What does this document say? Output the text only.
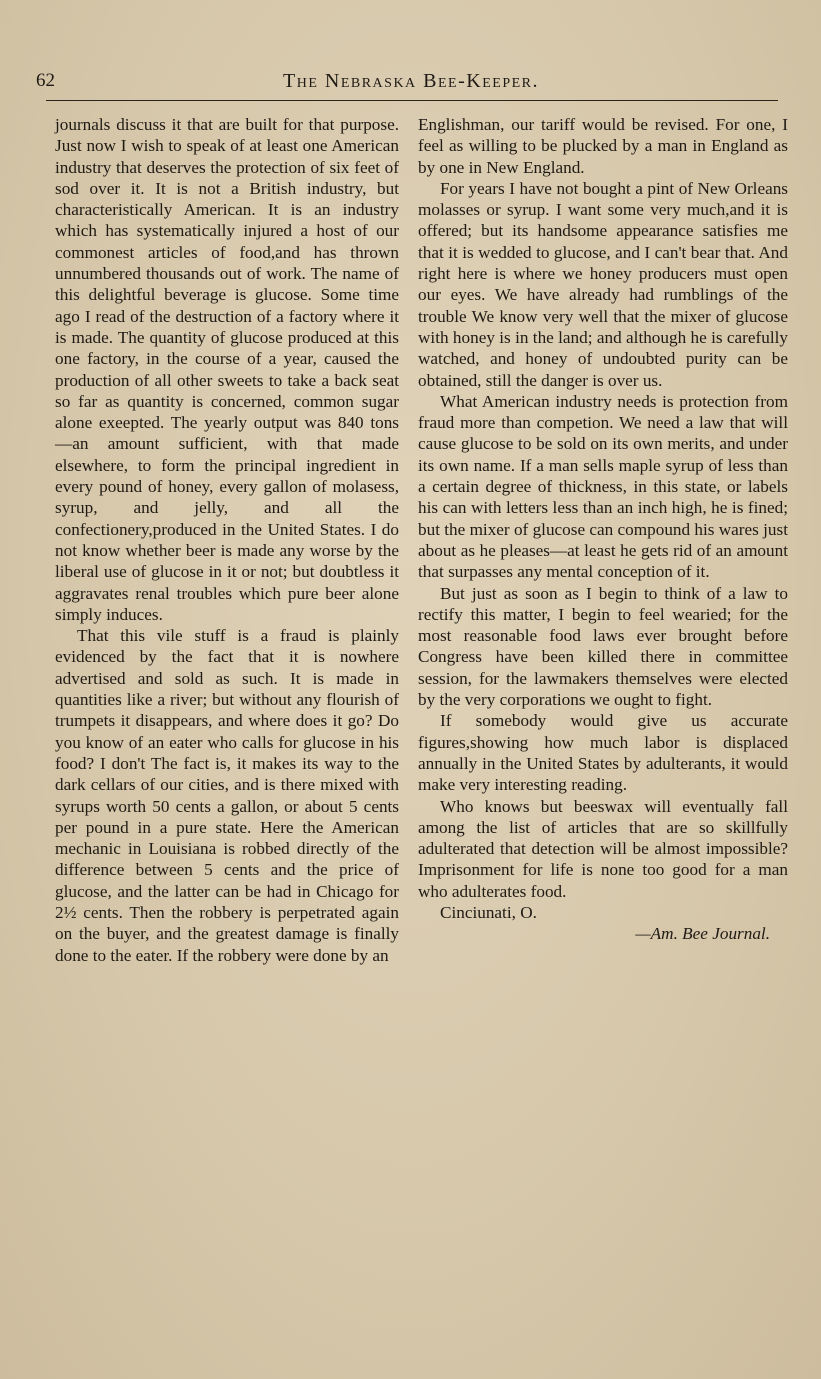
62	The Nebraska Bee-Keeper.

journals discuss it that are built for that purpose. Just now I wish to speak of at least one American industry that deserves the protection of six feet of sod over it. It is not a British industry, but characteristically American. It is an industry which has systematically injured a host of our commonest articles of food,and has thrown unnumbered thousands out of work. The name of this delightful beverage is glucose. Some time ago I read of the destruction of a factory where it is made. The quantity of glucose produced at this one factory, in the course of a year, caused the production of all other sweets to take a back seat so far as quantity is concerned, common sugar alone exeepted. The yearly output was 840 tons—an amount sufficient, with that made elsewhere, to form the principal ingredient in every pound of honey, every gallon of molasess, syrup, and jelly, and all the confectionery,produced in the United States. I do not know whether beer is made any worse by the liberal use of glucose in it or not; but doubtless it aggravates renal troubles which pure beer alone simply induces.

That this vile stuff is a fraud is plainly evidenced by the fact that it is nowhere advertised and sold as such. It is made in quantities like a river; but without any flourish of trumpets it disappears, and where does it go? Do you know of an eater who calls for glucose in his food? I don't The fact is, it makes its way to the dark cellars of our cities, and is there mixed with syrups worth 50 cents a gallon, or about 5 cents per pound in a pure state. Here the American mechanic in Louisiana is robbed directly of the difference between 5 cents and the price of glucose, and the latter can be had in Chicago for 2½ cents. Then the robbery is perpetrated again on the buyer, and the greatest damage is finally done to the eater. If the robbery were done by an

Englishman, our tariff would be revised. For one, I feel as willing to be plucked by a man in England as by one in New England.

For years I have not bought a pint of New Orleans molasses or syrup. I want some very much,and it is offered; but its handsome appearance satisfies me that it is wedded to glucose, and I can't bear that. And right here is where we honey producers must open our eyes. We have already had rumblings of the trouble We know very well that the mixer of glucose with honey is in the land; and although he is carefully watched, and honey of undoubted purity can be obtained, still the danger is over us.

What American industry needs is protection from fraud more than competion. We need a law that will cause glucose to be sold on its own merits, and under its own name. If a man sells maple syrup of less than a certain degree of thickness, in this state, or labels his can with letters less than an inch high, he is fined; but the mixer of glucose can compound his wares just about as he pleases—at least he gets rid of an amount that surpasses any mental conception of it.

But just as soon as I begin to think of a law to rectify this matter, I begin to feel wearied; for the most reasonable food laws ever brought before Congress have been killed there in committee session, for the lawmakers themselves were elected by the very corporations we ought to fight.

If somebody would give us accurate figures,showing how much labor is displaced annually in the United States by adulterants, it would make very interesting reading.

Who knows but beeswax will eventually fall among the list of articles that are so skillfully adulterated that detection will be almost impossible? Imprisonment for life is none too good for a man who adulterates food.

Cinciunati, O.

—Am. Bee Journal.
